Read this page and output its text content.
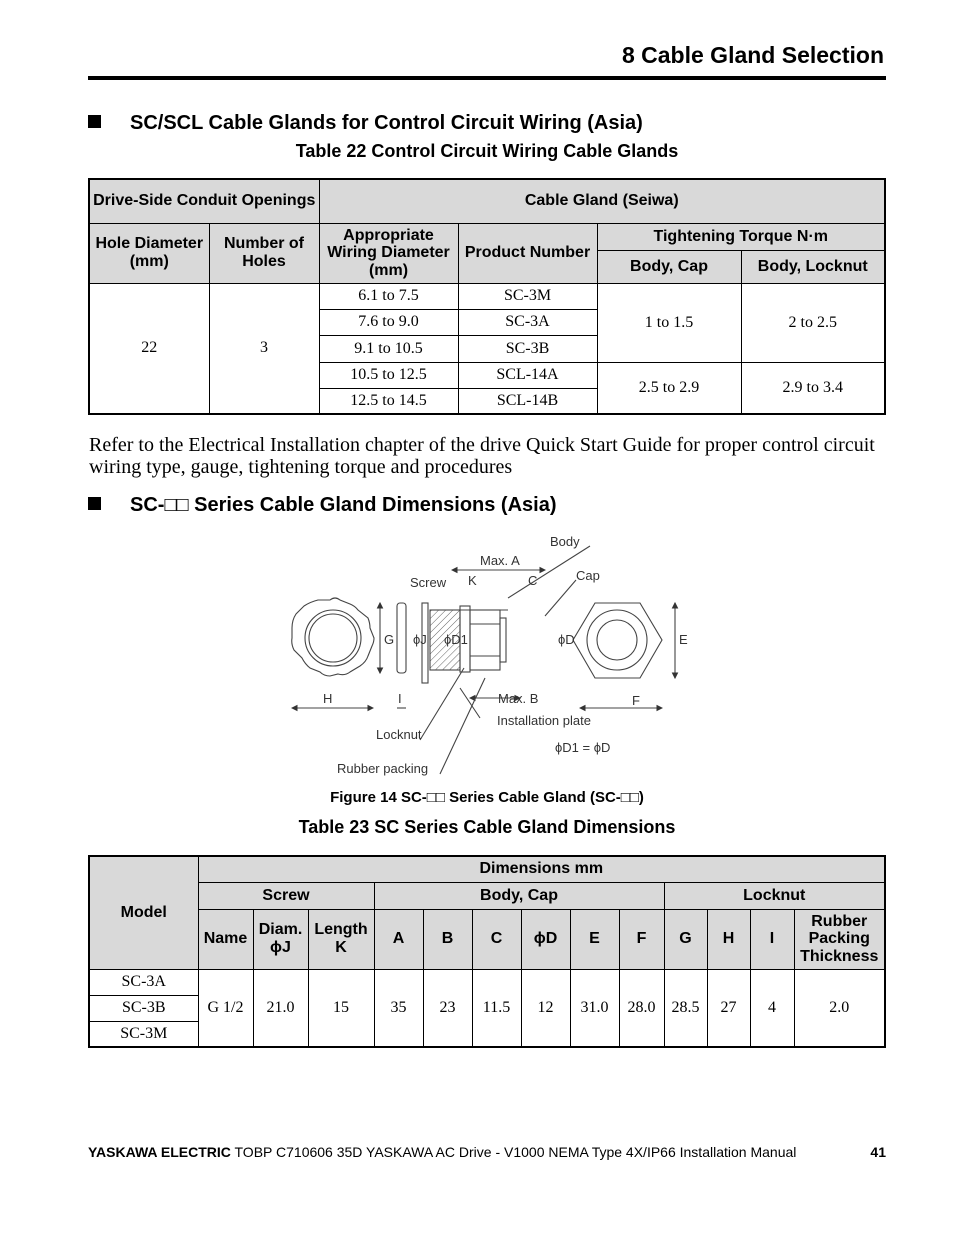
8 Cable Gland Selection
SC/SCL Cable Glands for Control Circuit Wiring (Asia)
Table 22 Control Circuit Wiring Cable Glands
Drive-Side Conduit Openings		Cable Gland (Seiwa)			
Hole Diameter (mm)	Number of Holes	Appropriate Wiring Diameter (mm)	Product Number	Tightening Torque N·m	
				Body, Cap	Body, Locknut
22	3	6.1 to 7.5	SC-3M	1 to 1.5	2 to 2.5
		7.6 to 9.0	SC-3A		
		9.1 to 10.5	SC-3B		
		10.5 to 12.5	SCL-14A	2.5 to 2.9	2.9 to 3.4
		12.5 to 14.5	SCL-14B		
Refer to the Electrical Installation chapter of the drive Quick Start Guide for proper control circuit wiring type, gauge, tightening torque and procedures
SC-□□ Series Cable Gland Dimensions (Asia)
Body
Max. A
Screw K	C	Cap
G ϕJ ϕD1	ϕD	E
H	I	Max. B	F
Installation plate
Locknut
ϕD1 = ϕD
Rubber packing
Figure 14 SC-□□ Series Cable Gland (SC-□□)
Table 23 SC Series Cable Gland Dimensions
Model	Dimensions mm												
	Screw			Body, Cap						Locknut			
	Name	Diam. ϕJ	Length K	A	B	C	ϕD	E	F	G	H	I	Rubber Packing Thickness
SC-3A	G 1/2	21.0	15	35	23	11.5	12	31.0	28.0	28.5	27	4	2.0
SC-3B													
SC-3M													
YASKAWA ELECTRIC TOBP C710606 35D YASKAWA AC Drive - V1000 NEMA Type 4X/IP66 Installation Manual	41
